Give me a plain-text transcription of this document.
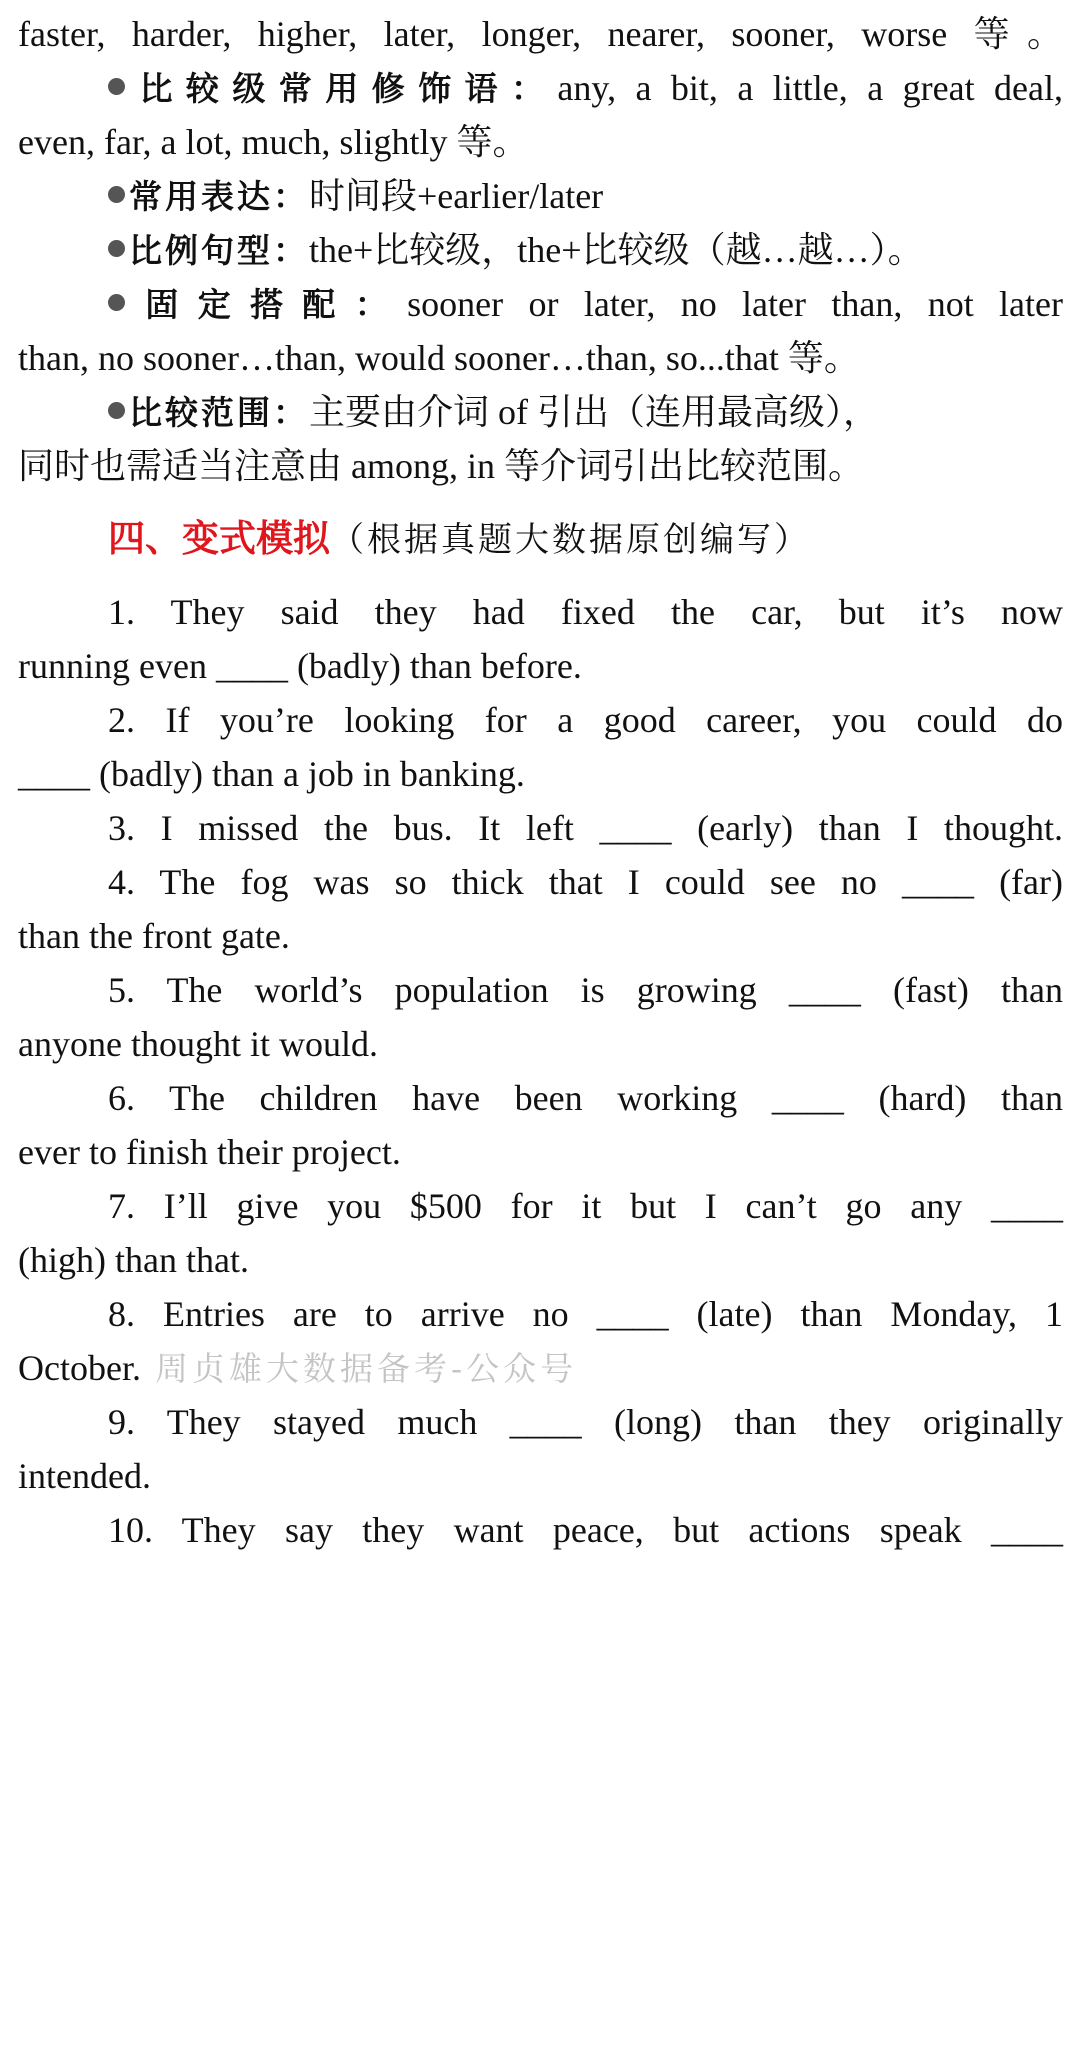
faster, harder, higher, later, longer, nearer, sooner, worse 等。
比较级常用修饰语：any, a bit, a little, a great deal,
even, far, a lot, much, slightly 等。
常用表达：时间段+earlier/later
比例句型：the+比较级，the+比较级（越…越…）。
固定搭配：sooner or later, no later than, not later
than, no sooner…than, would sooner…than, so...that 等。
比较范围：主要由介词 of 引出（连用最高级），
同时也需适当注意由 among, in 等介词引出比较范围。
四、变式模拟（根据真题大数据原创编写）
1. They said they had fixed the car, but it’s now
running even ____ (badly) than before.
2. If you’re looking for a good career, you could do
____ (badly) than a job in banking.
3. I missed the bus. It left ____ (early) than I thought.
4. The fog was so thick that I could see no ____ (far)
than the front gate.
5. The world’s population is growing ____ (fast) than
anyone thought it would.
6. The children have been working ____ (hard) than
ever to finish their project.
7. I’ll give you $500 for it but I can’t go any ____
(high) than that.
8. Entries are to arrive no ____ (late) than Monday, 1
October. 周贞雄大数据备考-公众号
9. They stayed much ____ (long) than they originally
intended.
10. They say they want peace, but actions speak ____
